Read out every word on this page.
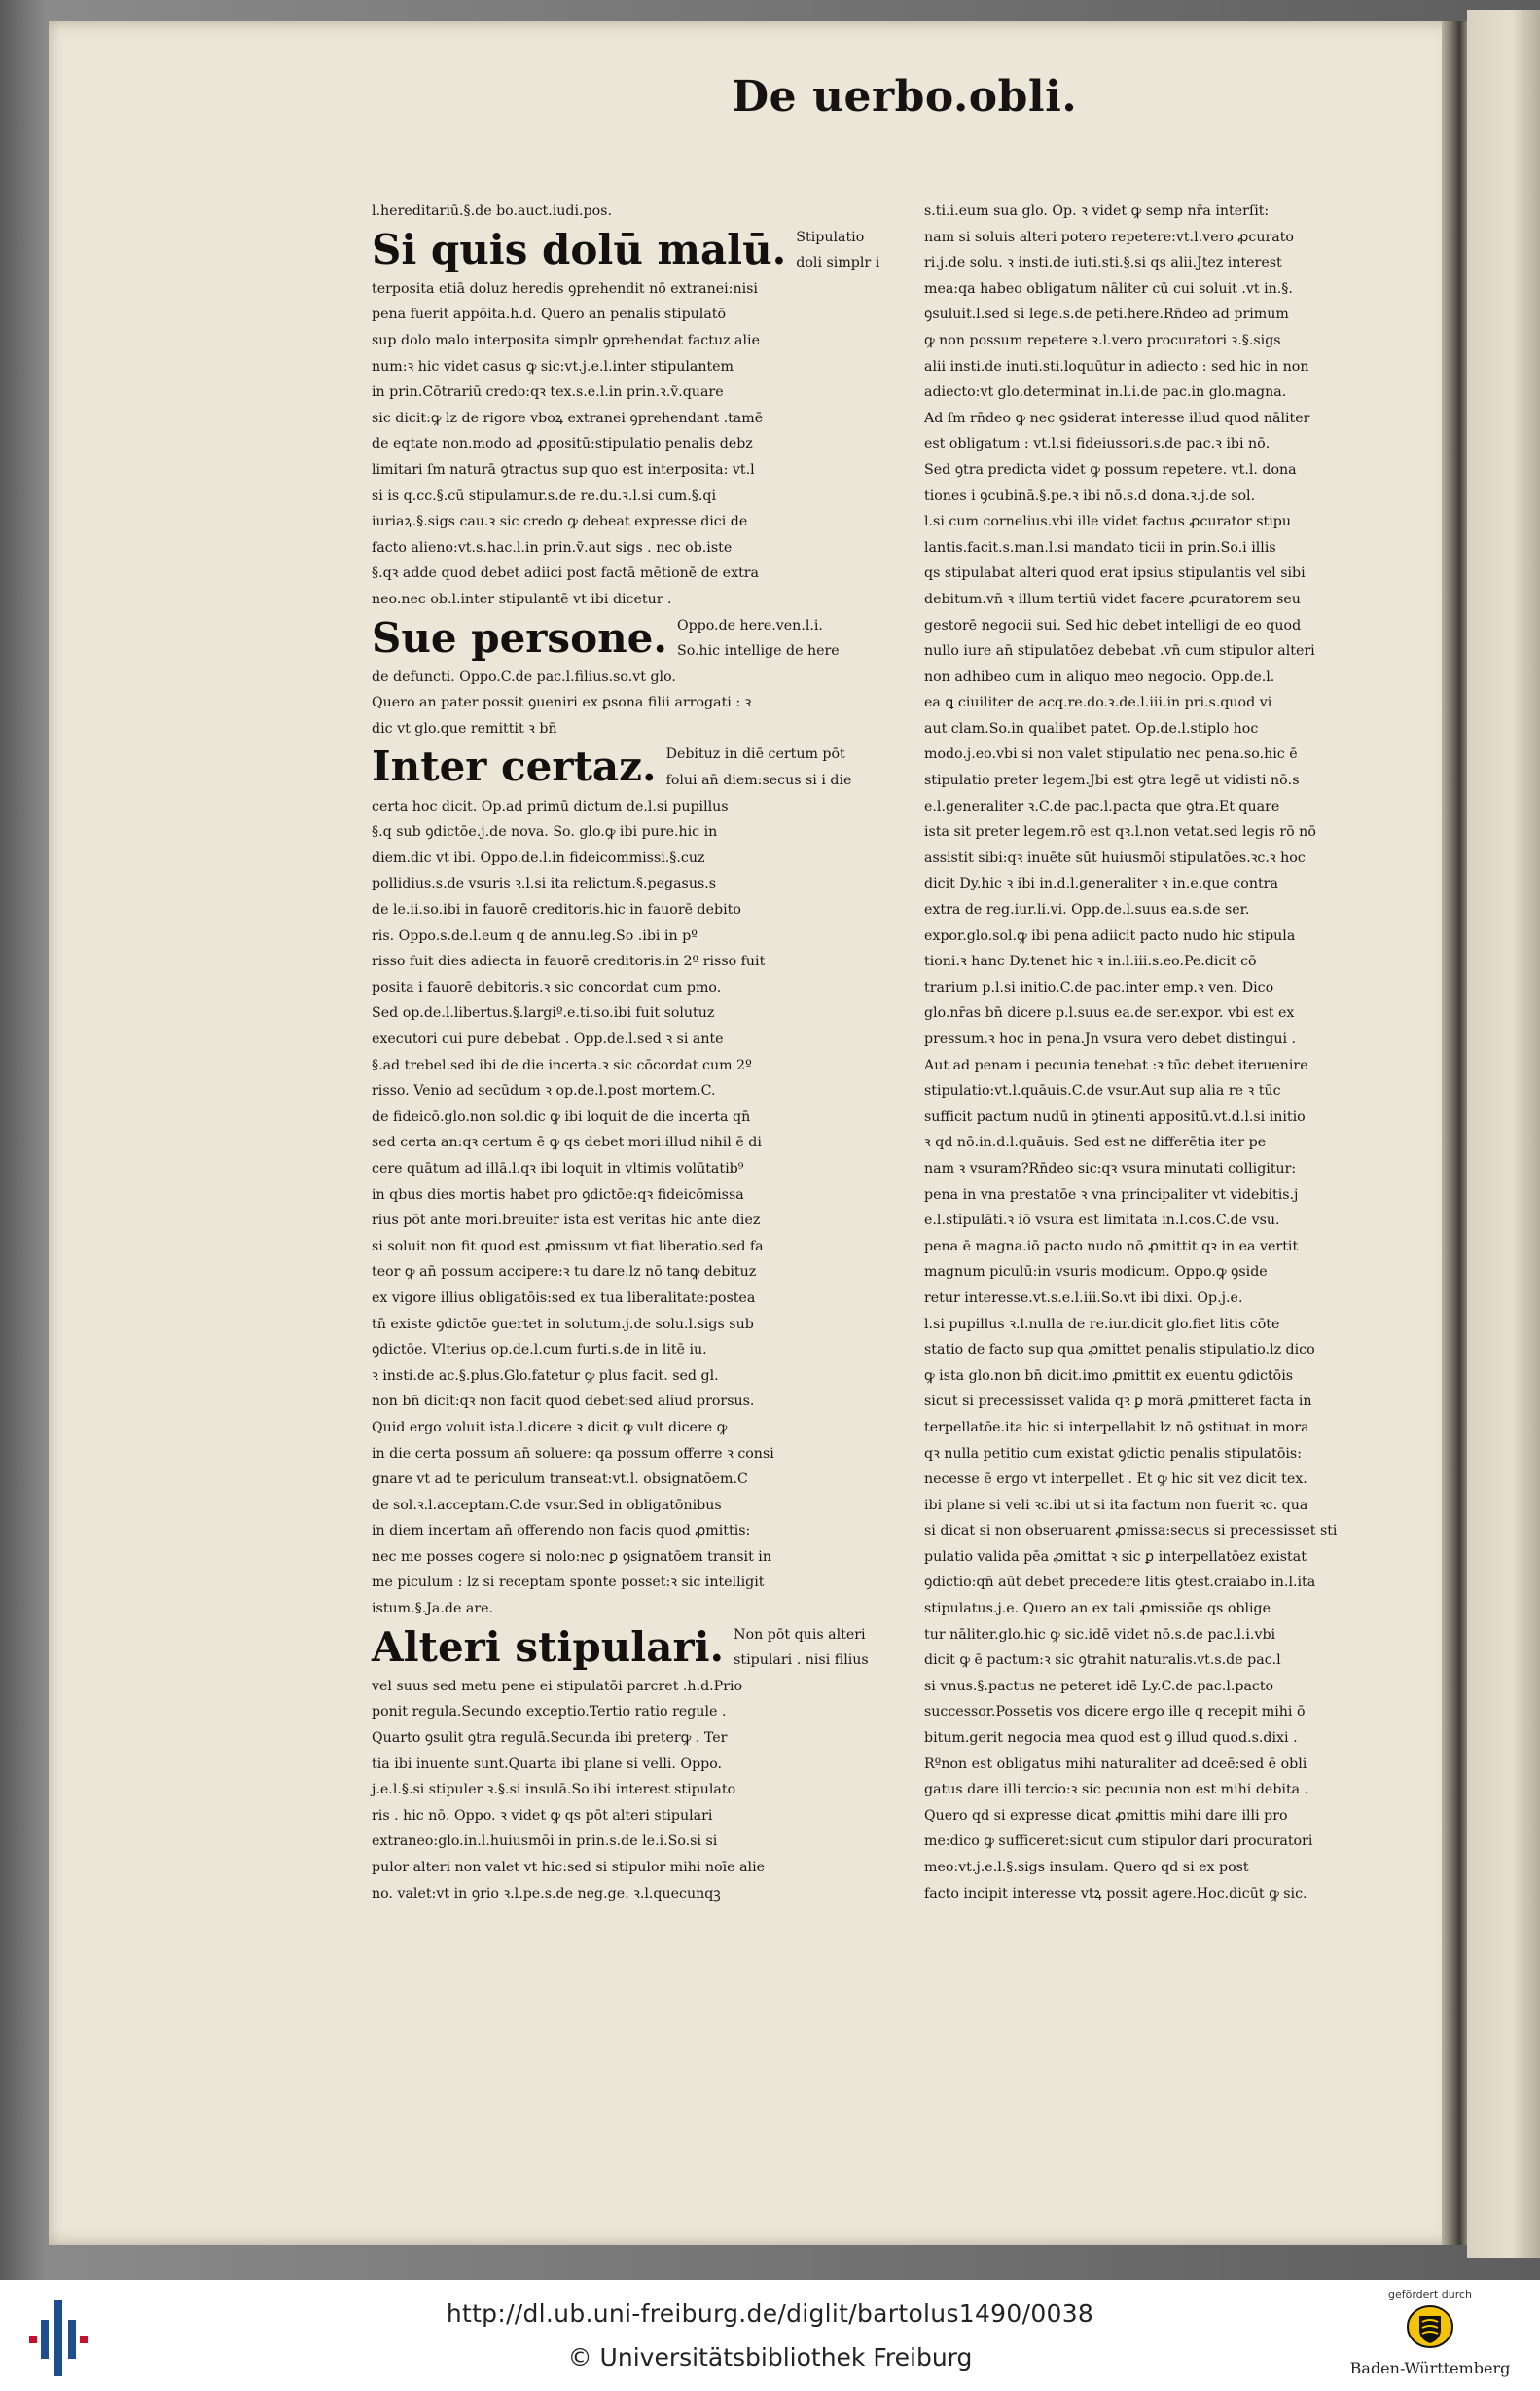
De uerbo.obli.
l.hereditariū.§.de bo.auct.iudi.pos.
Si quis dolū malū. Stipulatio
doli simplr i
terposita etiā doluz heredis ꝯprehendit nō extranei:nisi
pena fuerit appōita.h.d. Quero an penalis stipulatō
sup dolo malo interposita simplr ꝯprehendat factuz alie
num:ꝛ hic videt casus ꝙ sic:vt.j.e.l.inter stipulantem
in prin.Cōtrariū credo:qꝛ tex.s.e.l.in prin.ꝛ.ṽ.quare
sic dicit:ꝙ lz de rigore vboꝝ extranei ꝯprehendant .tamē
de eqtate non.modo ad ꝓpositū:stipulatio penalis debz
limitari ſm naturā ꝯtractus sup quo est interposita: vt.l
si is q.cc.§.cū stipulamur.s.de re.du.ꝛ.l.si cum.§.qi
iuriaꝝ.§.sigs cau.ꝛ sic credo ꝙ debeat expresse dici de
facto alieno:vt.s.hac.l.in prin.ṽ.aut sigs . nec ob.iste
§.qꝛ adde quod debet adiici post factā mētionē de extra
neo.nec ob.l.inter stipulantē vt ibi dicetur .
Sue persone. Oppo.de here.ven.l.i.
So.hic intellige de here
de defuncti. Oppo.C.de pac.l.filius.so.vt glo.
Quero an pater possit ꝯueniri ex ꝑsona filii arrogati : ꝛ
dic vt glo.que remittit ꝛ bn̄
Inter certaz. Debituz in diē certum pōt
folui an̄ diem:secus si i die
certa hoc dicit. Op.ad primū dictum de.l.si pupillus
§.q sub ꝯdictōe.j.de nova. So. glo.ꝙ ibi pure.hic in
diem.dic vt ibi. Oppo.de.l.in fideicommissi.§.cuz
pollidius.s.de vsuris ꝛ.l.si ita relictum.§.pegasus.s
de le.ii.so.ibi in fauorē creditoris.hic in fauorē debito
ris. Oppo.s.de.l.eum q de annu.leg.So .ibi in pº
risso fuit dies adiecta in fauorē creditoris.in 2º risso fuit
posita i fauorē debitoris.ꝛ sic concordat cum pmo.
Sed op.de.l.libertus.§.largiº.e.ti.so.ibi fuit solutuz
executori cui pure debebat . Opp.de.l.sed ꝛ si ante
§.ad trebel.sed ibi de die incerta.ꝛ sic cōcordat cum 2º
risso. Venio ad secūdum ꝛ op.de.l.post mortem.C.
de fideicō.glo.non sol.dic ꝙ ibi loquit de die incerta qn̄
sed certa an:qꝛ certum ē ꝙ qs debet mori.illud nihil ē di
cere quātum ad illā.l.qꝛ ibi loquit in vltimis volūtatib⁹
in qbus dies mortis habet pro ꝯdictōe:qꝛ fideicōmissa
rius pōt ante mori.breuiter ista est veritas hic ante diez
si soluit non fit quod est ꝓmissum vt fiat liberatio.sed fa
teor ꝙ an̄ possum accipere:ꝛ tu dare.lz nō tanꝙ debituz
ex vigore illius obligatōis:sed ex tua liberalitate:postea
tn̄ existe ꝯdictōe ꝯuertet in solutum.j.de solu.l.sigs sub
ꝯdictōe. Vlterius op.de.l.cum furti.s.de in litē iu.
ꝛ insti.de ac.§.plus.Glo.fatetur ꝙ plus facit. sed gl.
non bn̄ dicit:qꝛ non facit quod debet:sed aliud prorsus.
Quid ergo voluit ista.l.dicere ꝛ dicit ꝙ vult dicere ꝙ
in die certa possum an̄ soluere: qa possum offerre ꝛ consi
gnare vt ad te periculum transeat:vt.l. obsignatōem.C
de sol.ꝛ.l.acceptam.C.de vsur.Sed in obligatōnibus
in diem incertam an̄ offerendo non facis quod ꝓmittis:
nec me posses cogere si nolo:nec ꝑ ꝯsignatōem transit in
me piculum : lz si receptam sponte posset:ꝛ sic intelligit
istum.§.Ja.de are.
Alteri stipulari. Non pōt quis alteri
stipulari . nisi filius
vel suus sed metu pene ei stipulatōi parcret .h.d.Prio
ponit regula.Secundo exceptio.Tertio ratio regule .
Quarto ꝯsulit ꝯtra regulā.Secunda ibi preterꝙ . Ter
tia ibi inuente sunt.Quarta ibi plane si velli. Oppo.
j.e.l.§.si stipuler ꝛ.§.si insulā.So.ibi interest stipulato
ris . hic nō. Oppo. ꝛ videt ꝙ qs pōt alteri stipulari
extraneo:glo.in.l.huiusmōi in prin.s.de le.i.So.si si
pulor alteri non valet vt hic:sed si stipulor mihi noīe alie
no. valet:vt in ꝯrio ꝛ.l.pe.s.de neg.ge. ꝛ.l.quecunqꝫ
s.ti.i.eum sua glo. Op. ꝛ videt ꝙ semp nr̄a interſit:
nam si soluis alteri potero repetere:vt.l.vero ꝓcurato
ri.j.de solu. ꝛ insti.de iuti.sti.§.si qs alii.Jtez interest
mea:qa habeo obligatum nāliter cū cui soluit .vt in.§.
ꝯsuluit.l.sed si lege.s.de peti.here.Rn̄deo ad primum
ꝙ non possum repetere ꝛ.l.vero procuratori ꝛ.§.sigs
alii insti.de inuti.sti.loquūtur in adiecto : sed hic in non
adiecto:vt glo.determinat in.l.i.de pac.in glo.magna.
Ad ſm rn̄deo ꝙ nec ꝯsiderat interesse illud quod nāliter
est obligatum : vt.l.si fideiussori.s.de pac.ꝛ ibi nō.
Sed ꝯtra predicta videt ꝙ possum repetere. vt.l. dona
tiones i ꝯcubinā.§.pe.ꝛ ibi nō.s.d dona.ꝛ.j.de sol.
l.si cum cornelius.vbi ille videt factus ꝓcurator stipu
lantis.facit.s.man.l.si mandato ticii in prin.So.i illis
qs stipulabat alteri quod erat ipsius stipulantis vel sibi
debitum.vn̄ ꝛ illum tertiū videt facere ꝓcuratorem seu
gestorē negocii sui. Sed hic debet intelligi de eo quod
nullo iure an̄ stipulatōez debebat .vn̄ cum stipulor alteri
non adhibeo cum in aliquo meo negocio. Opp.de.l.
ea ꝗ ciuiliter de acq.re.do.ꝛ.de.l.iii.in pri.s.quod vi
aut clam.So.in qualibet patet. Op.de.l.stiplo hoc
modo.j.eo.vbi si non valet stipulatio nec pena.so.hic ē
stipulatio preter legem.Jbi est ꝯtra legē ut vidisti nō.s
e.l.generaliter ꝛ.C.de pac.l.pacta que ꝯtra.Et quare
ista sit preter legem.rō est qꝛ.l.non vetat.sed legis rō nō
assistit sibi:qꝛ inuēte sūt huiusmōi stipulatōes.ꝛc.ꝛ hoc
dicit Dy.hic ꝛ ibi in.d.l.generaliter ꝛ in.e.que contra
extra de reg.iur.li.vi. Opp.de.l.suus ea.s.de ser.
expor.glo.sol.ꝙ ibi pena adiicit pacto nudo hic stipula
tioni.ꝛ hanc Dy.tenet hic ꝛ in.l.iii.s.eo.Pe.dicit cō
trarium p.l.si initio.C.de pac.inter emp.ꝛ ven. Dico
glo.nr̄as bn̄ dicere p.l.suus ea.de ser.expor. vbi est ex
pressum.ꝛ hoc in pena.Jn vsura vero debet distingui .
Aut ad penam i pecunia tenebat :ꝛ tūc debet iteruenire
stipulatio:vt.l.quāuis.C.de vsur.Aut sup alia re ꝛ tūc
sufficit pactum nudū in ꝯtinenti appositū.vt.d.l.si initio
ꝛ qd nō.in.d.l.quāuis. Sed est ne differētia iter pe
nam ꝛ vsuram?Rn̄deo sic:qꝛ vsura minutati colligitur:
pena in vna prestatōe ꝛ vna principaliter vt videbitis.j
e.l.stipulāti.ꝛ iō vsura est limitata in.l.cos.C.de vsu.
pena ē magna.iō pacto nudo nō ꝓmittit qꝛ in ea vertit
magnum piculū:in vsuris modicum. Oppo.ꝙ ꝯside
retur interesse.vt.s.e.l.iii.So.vt ibi dixi. Op.j.e.
l.si pupillus ꝛ.l.nulla de re.iur.dicit glo.fiet litis cōte
statio de facto sup qua ꝓmittet penalis stipulatio.lz dico
ꝙ ista glo.non bn̄ dicit.imo ꝓmittit ex euentu ꝯdictōis
sicut si precessisset valida qꝛ ꝑ morā ꝓmitteret facta in
terpellatōe.ita hic si interpellabit lz nō ꝯstituat in mora
qꝛ nulla petitio cum existat ꝯdictio penalis stipulatōis:
necesse ē ergo vt interpellet . Et ꝙ hic sit vez dicit tex.
ibi plane si veli ꝛc.ibi ut si ita factum non fuerit ꝛc. qua
si dicat si non obseruarent ꝓmissa:secus si precessisset sti
pulatio valida pēa ꝓmittat ꝛ sic ꝑ interpellatōez existat
ꝯdictio:qn̄ aūt debet precedere litis ꝯtest.craiabo in.l.ita
stipulatus.j.e. Quero an ex tali ꝓmissiōe qs oblige
tur nāliter.glo.hic ꝙ sic.idē videt nō.s.de pac.l.i.vbi
dicit ꝙ ē pactum:ꝛ sic ꝯtrahit naturalis.vt.s.de pac.l
si vnus.§.pactus ne peteret idē Ly.C.de pac.l.pacto
successor.Possetis vos dicere ergo ille q recepit mihi ō
bitum.gerit negocia mea quod est ꝯ illud quod.s.dixi .
Rºnon est obligatus mihi naturaliter ad dceē:sed ē obli
gatus dare illi tercio:ꝛ sic pecunia non est mihi debita .
Quero qd si expresse dicat ꝓmittis mihi dare illi pro
me:dico ꝙ sufficeret:sicut cum stipulor dari procuratori
meo:vt.j.e.l.§.sigs insulam. Quero qd si ex post
facto incipit interesse vtꝝ possit agere.Hoc.dicūt ꝙ sic.
http://dl.ub.uni-freiburg.de/diglit/bartolus1490/0038
© Universitätsbibliothek Freiburg
gefördert durch
Baden-Württemberg
